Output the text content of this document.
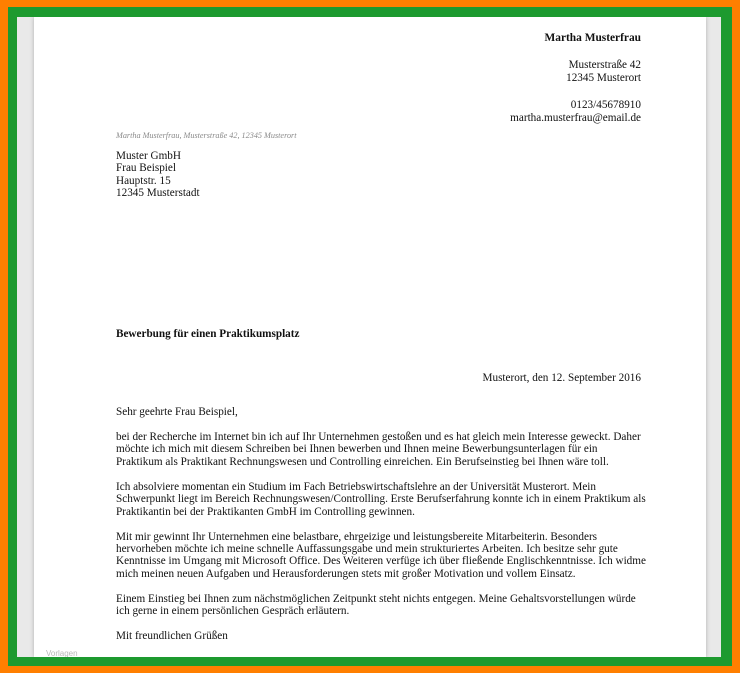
Martha Musterfrau
Musterstraße 42
12345 Musterort
0123/45678910
martha.musterfrau@email.de
Martha Musterfrau, Musterstraße 42, 12345 Musterort
Muster GmbH
Frau Beispiel
Hauptstr. 15
12345 Musterstadt
Bewerbung für einen Praktikumsplatz
Musterort, den 12. September 2016

Sehr geehrte Frau Beispiel,

bei der Recherche im Internet bin ich auf Ihr Unternehmen gestoßen und es hat gleich mein Interesse geweckt. Daher möchte ich mich mit diesem Schreiben bei Ihnen bewerben und Ihnen meine Bewerbungsunterlagen für ein Praktikum als Praktikant Rechnungswesen und Controlling einreichen. Ein Berufseinstieg bei Ihnen wäre toll.

Ich absolviere momentan ein Studium im Fach Betriebswirtschaftslehre an der Universität Musterort. Mein Schwerpunkt liegt im Bereich Rechnungswesen/Controlling. Erste Berufserfahrung konnte ich in einem Praktikum als Praktikantin bei der Praktikanten GmbH im Controlling gewinnen.

Mit mir gewinnt Ihr Unternehmen eine belastbare, ehrgeizige und leistungsbereite Mitarbeiterin. Besonders hervorheben möchte ich meine schnelle Auffassungsgabe und mein strukturiertes Arbeiten. Ich besitze sehr gute Kenntnisse im Umgang mit Microsoft Office. Des Weiteren verfüge ich über fließende Englischkenntnisse. Ich widme mich meinen neuen Aufgaben und Herausforderungen stets mit großer Motivation und vollem Einsatz.

Einem Einstieg bei Ihnen zum nächstmöglichen Zeitpunkt steht nichts entgegen. Meine Gehaltsvorstellungen würde ich gerne in einem persönlichen Gespräch erläutern.

Mit freundlichen Grüßen

Vorlagen
